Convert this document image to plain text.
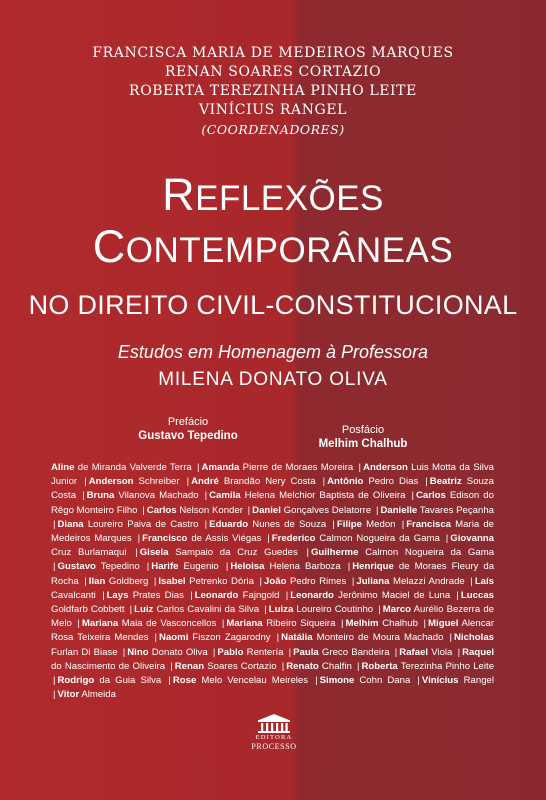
FRANCISCA MARIA DE MEDEIROS MARQUES
RENAN SOARES CORTAZIO
ROBERTA TEREZINHA PINHO LEITE
VINÍCIUS RANGEL
(COORDENADORES)
REFLEXÕES
CONTEMPORÂNEAS
NO DIREITO CIVIL-CONSTITUCIONAL
Estudos em Homenagem à Professora
MILENA DONATO OLIVA
Prefácio
Gustavo Tepedino	Posfácio
Melhim Chalhub
Aline de Miranda Valverde Terra | Amanda Pierre de Moraes Moreira | Anderson Luis Motta da Silva Junior | Anderson Schreiber | André Brandão Nery Costa | Antônio Pedro Dias | Beatriz Souza Costa | Bruna Vilanova Machado | Camila Helena Melchior Baptista de Oliveira | Carlos Edison do Rêgo Monteiro Filho | Carlos Nelson Konder | Daniel Gonçalves Delatorre | Danielle Tavares Peçanha | Diana Loureiro Paiva de Castro | Eduardo Nunes de Souza | Filipe Medon | Francisca Maria de Medeiros Marques | Francisco de Assis Viégas | Frederico Calmon Nogueira da Gama | Giovanna Cruz Burlamaqui | Gisela Sampaio da Cruz Guedes | Guilherme Calmon Nogueira da Gama | Gustavo Tepedino | Harife Eugenio | Heloisa Helena Barboza | Henrique de Moraes Fleury da Rocha | Ilan Goldberg | Isabel Petrenko Dória | João Pedro Rimes | Juliana Melazzi Andrade | Laís Cavalcanti | Lays Prates Dias | Leonardo Fajngold | Leonardo Jerônimo Maciel de Luna | Luccas Goldfarb Cobbett | Luiz Carlos Cavalini da Silva | Luiza Loureiro Coutinho | Marco Aurélio Bezerra de Melo | Mariana Maia de Vasconcellos | Mariana Ribeiro Siqueira | Melhim Chalhub | Miguel Alencar Rosa Teixeira Mendes | Naomi Fiszon Zagarodny | Natália Monteiro de Moura Machado | Nicholas Furlan Di Biase | Nino Donato Oliva | Pablo Rentería | Paula Greco Bandeira | Rafael Viola | Raquel do Nascimento de Oliveira | Renan Soares Cortazio | Renato Chalfin | Roberta Terezinha Pinho Leite | Rodrigo da Guia Silva | Rose Melo Vencelau Meireles | Simone Cohn Dana | Vinícius Rangel | Vitor Almeida
EDITORA
PROCESSO
